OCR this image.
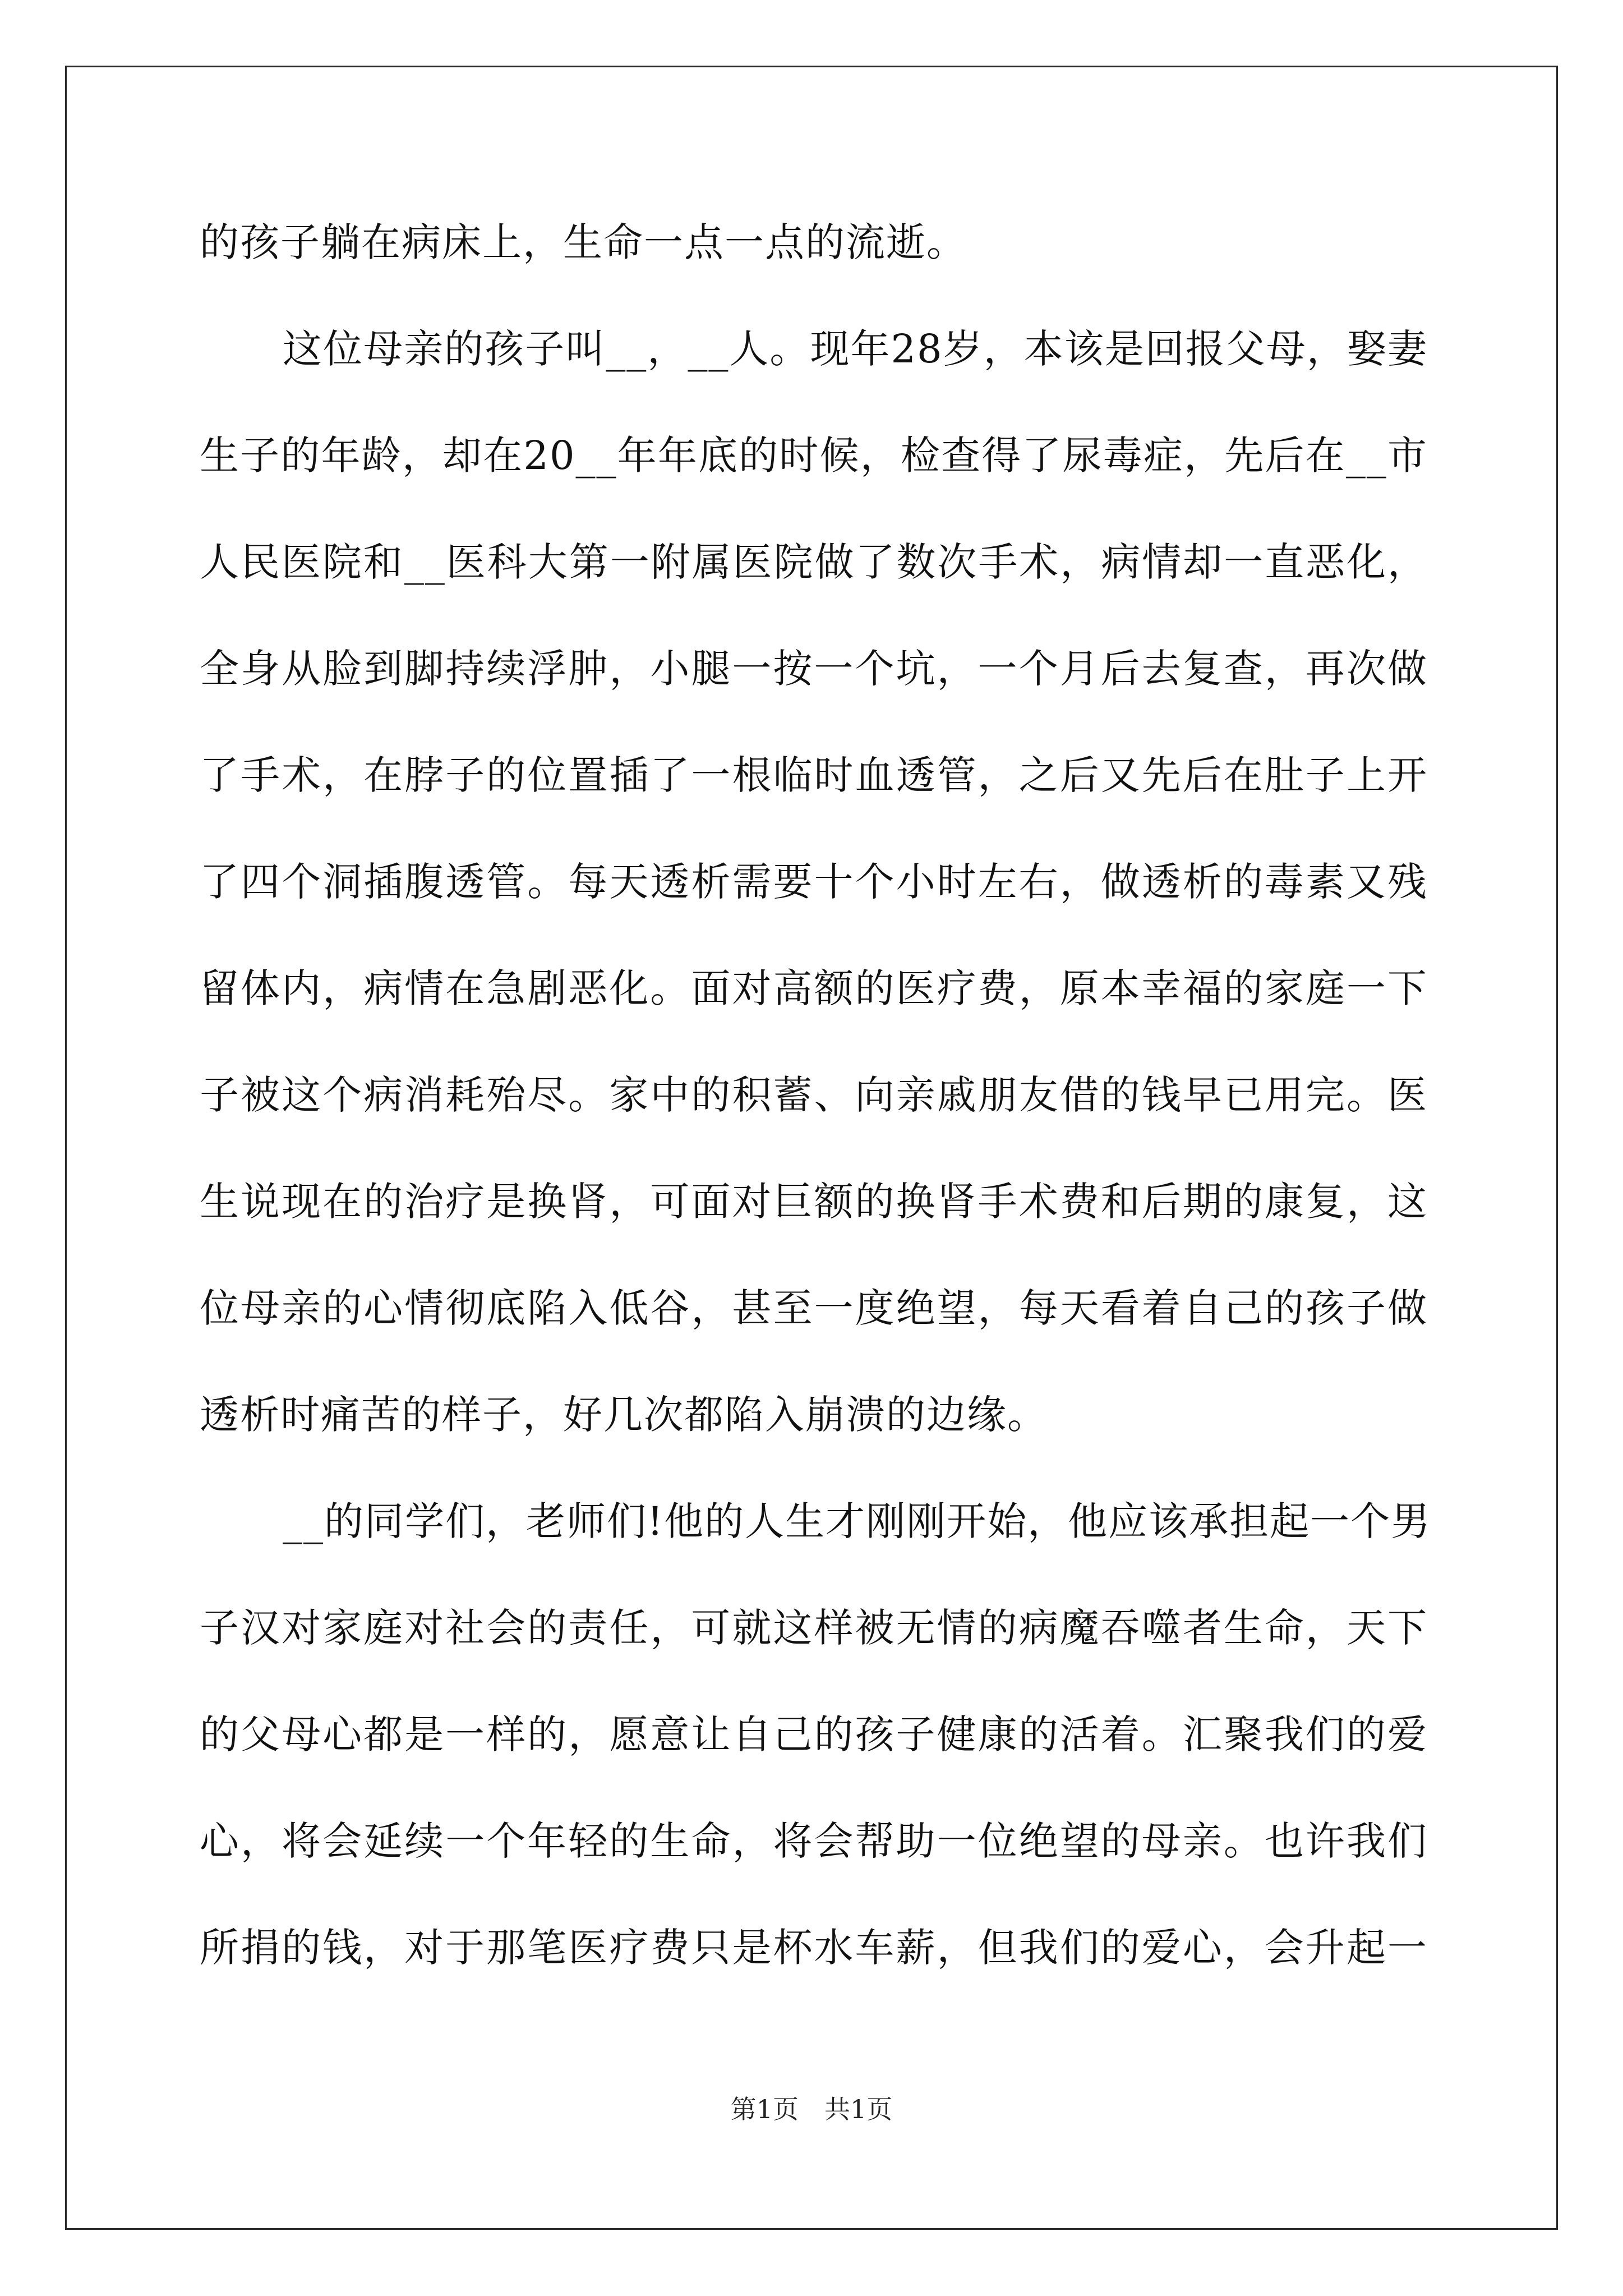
的孩子躺在病床上，生命一点一点的流逝。
这位母亲的孩子叫__，__人。现年28岁，本该是回报父母，娶妻
生子的年龄，却在20__年年底的时候，检查得了尿毒症，先后在__市
人民医院和__医科大第一附属医院做了数次手术，病情却一直恶化，
全身从脸到脚持续浮肿，小腿一按一个坑，一个月后去复查，再次做
了手术，在脖子的位置插了一根临时血透管，之后又先后在肚子上开
了四个洞插腹透管。每天透析需要十个小时左右，做透析的毒素又残
留体内，病情在急剧恶化。面对高额的医疗费，原本幸福的家庭一下
子被这个病消耗殆尽。家中的积蓄、向亲戚朋友借的钱早已用完。医
生说现在的治疗是换肾，可面对巨额的换肾手术费和后期的康复，这
位母亲的心情彻底陷入低谷，甚至一度绝望，每天看着自己的孩子做
透析时痛苦的样子，好几次都陷入崩溃的边缘。
__的同学们，老师们!他的人生才刚刚开始，他应该承担起一个男
子汉对家庭对社会的责任，可就这样被无情的病魔吞噬者生命，天下
的父母心都是一样的，愿意让自己的孩子健康的活着。汇聚我们的爱
心，将会延续一个年轻的生命，将会帮助一位绝望的母亲。也许我们
所捐的钱，对于那笔医疗费只是杯水车薪，但我们的爱心，会升起一
第1页　共1页
